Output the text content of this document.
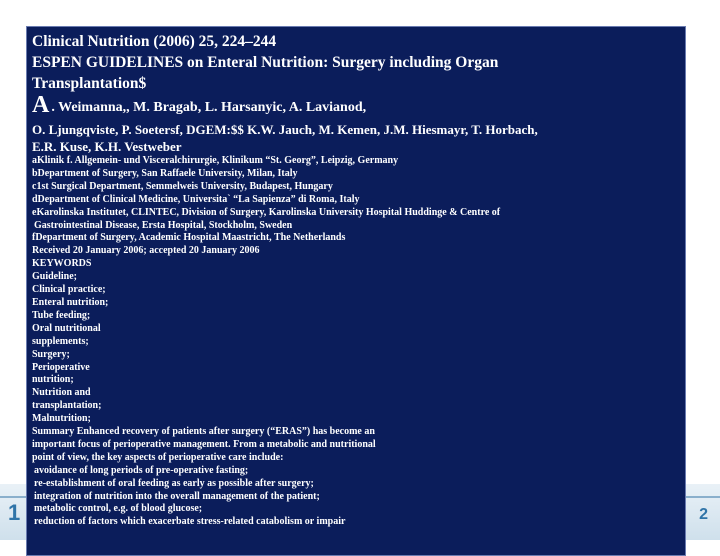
1	2

Clinical Nutrition (2006) 25, 224–244

ESPEN GUIDELINES on Enteral Nutrition: Surgery including Organ

Transplantation$

A . Weimanna,, M. Bragab, L. Harsanyic, A. Lavianod,

O. Ljungqviste, P. Soetersf, DGEM:$$ K.W. Jauch, M. Kemen, J.M. Hiesmayr, T. Horbach,

E.R. Kuse, K.H. Vestweber

aKlinik f. Allgemein- und Visceralchirurgie, Klinikum “St. Georg”, Leipzig, Germany

bDepartment of Surgery, San Raffaele University, Milan, Italy

c1st Surgical Department, Semmelweis University, Budapest, Hungary

dDepartment of Clinical Medicine, Universita` “La Sapienza” di Roma, Italy

eKarolinska Institutet, CLINTEC, Division of Surgery, Karolinska University Hospital Huddinge & Centre of

Gastrointestinal Disease, Ersta Hospital, Stockholm, Sweden

fDepartment of Surgery, Academic Hospital Maastricht, The Netherlands

Received 20 January 2006; accepted 20 January 2006

KEYWORDS

Guideline;

Clinical practice;

Enteral nutrition;

Tube feeding;

Oral nutritional

supplements;

Surgery;

Perioperative

nutrition;

Nutrition and

transplantation;

Malnutrition;

Summary Enhanced recovery of patients after surgery (“ERAS”) has become an

important focus of perioperative management. From a metabolic and nutritional

point of view, the key aspects of perioperative care include:

avoidance of long periods of pre-operative fasting;

re-establishment of oral feeding as early as possible after surgery;

integration of nutrition into the overall management of the patient;

metabolic control, e.g. of blood glucose;

reduction of factors which exacerbate stress-related catabolism or impair
